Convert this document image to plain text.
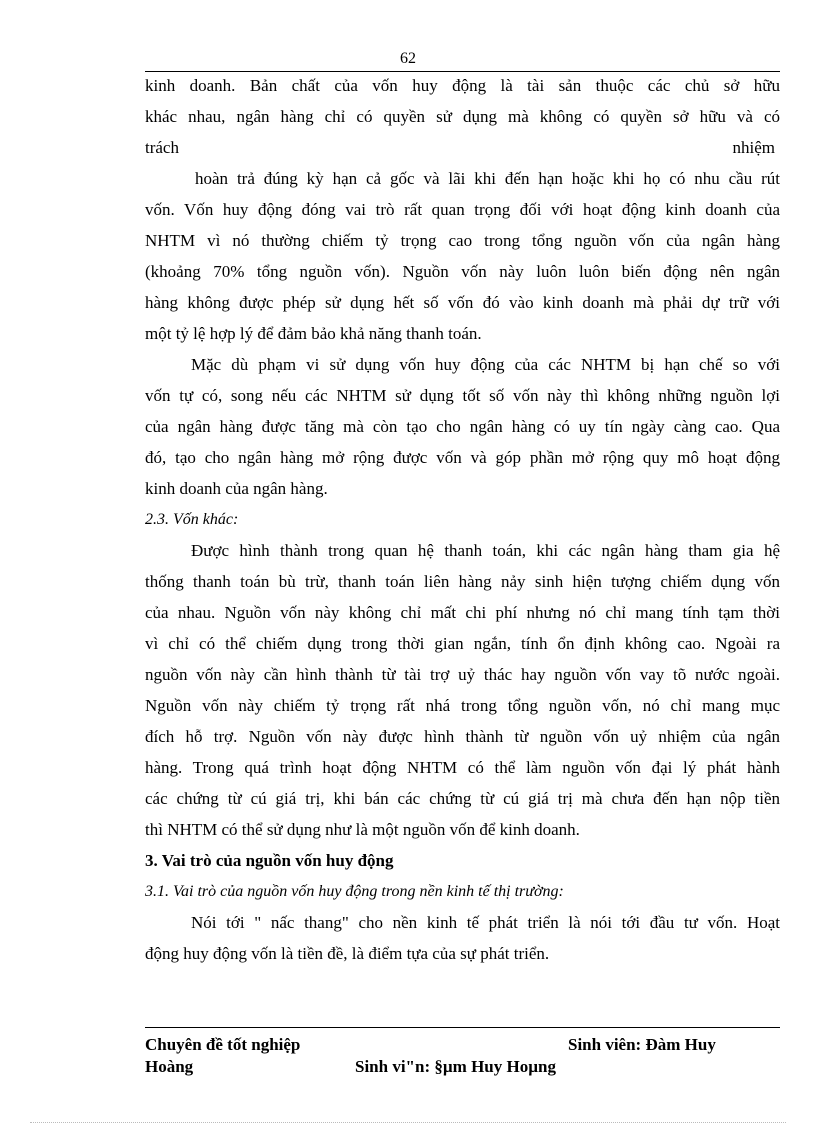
62
kinh doanh. Bản chất của vốn huy động là tài sản thuộc các chủ sở hữu
khác nhau, ngân hàng chỉ có quyền sử dụng mà không có quyền sở hữu và có
trách	nhiệm
hoàn trả đúng kỳ hạn cả gốc và lãi khi đến hạn hoặc khi họ có nhu cầu rút
vốn. Vốn huy động đóng vai trò rất quan trọng đối với hoạt động kinh doanh của
NHTM vì nó thường chiếm tỷ trọng cao trong tổng nguồn vốn của ngân hàng
(khoảng 70% tổng nguồn vốn). Nguồn vốn này luôn luôn biến động nên ngân
hàng không được phép sử dụng hết số vốn đó vào kinh doanh mà phải dự trữ với
một tỷ lệ hợp lý để đảm bảo khả năng thanh toán.
Mặc dù phạm vi sử dụng vốn huy động của các NHTM bị hạn chế so với
vốn tự có, song nếu các NHTM sử dụng tốt số vốn này thì không những nguồn lợi
của ngân hàng được tăng mà còn tạo cho ngân hàng có uy tín ngày càng cao. Qua
đó, tạo cho ngân hàng mở rộng được vốn và góp phần mở rộng quy mô hoạt động
kinh doanh của ngân hàng.
2.3. Vốn khác:
Được hình thành trong quan hệ thanh toán, khi các ngân hàng tham gia hệ
thống thanh toán bù trừ, thanh toán liên hàng nảy sinh hiện tượng chiếm dụng vốn
của nhau. Nguồn vốn này không chỉ mất chi phí nhưng nó chỉ mang tính tạm thời
vì chỉ có thể chiếm dụng trong thời gian ngắn, tính ổn định không cao. Ngoài ra
nguồn vốn này cần hình thành từ tài trợ uỷ thác hay nguồn vốn vay tõ nước ngoài.
Nguồn vốn này chiếm tỷ trọng rất nhá trong tổng nguồn vốn, nó chỉ mang mục
đích hỗ trợ. Nguồn vốn này được hình thành từ nguồn vốn uỷ nhiệm của ngân
hàng. Trong quá trình hoạt động NHTM có thể làm nguồn vốn đại lý phát hành
các chứng từ cú giá trị, khi bán các chứng từ cú giá trị mà chưa đến hạn nộp tiền
thì NHTM có thể sử dụng như là một nguồn vốn để kinh doanh.
3. Vai trò của nguồn vốn huy động
3.1. Vai trò của nguồn vốn huy động trong nền kinh tế thị trường:
Nói tới " nấc thang" cho nền kinh tế phát triển là nói tới đầu tư vốn. Hoạt
động huy động vốn là tiền đề, là điểm tựa của sự phát triển.
Chuyên đề tốt nghiệp	Sinh viên: Đàm Huy
Hoàng	Sinh vi"n: §µm Huy Hoµng
